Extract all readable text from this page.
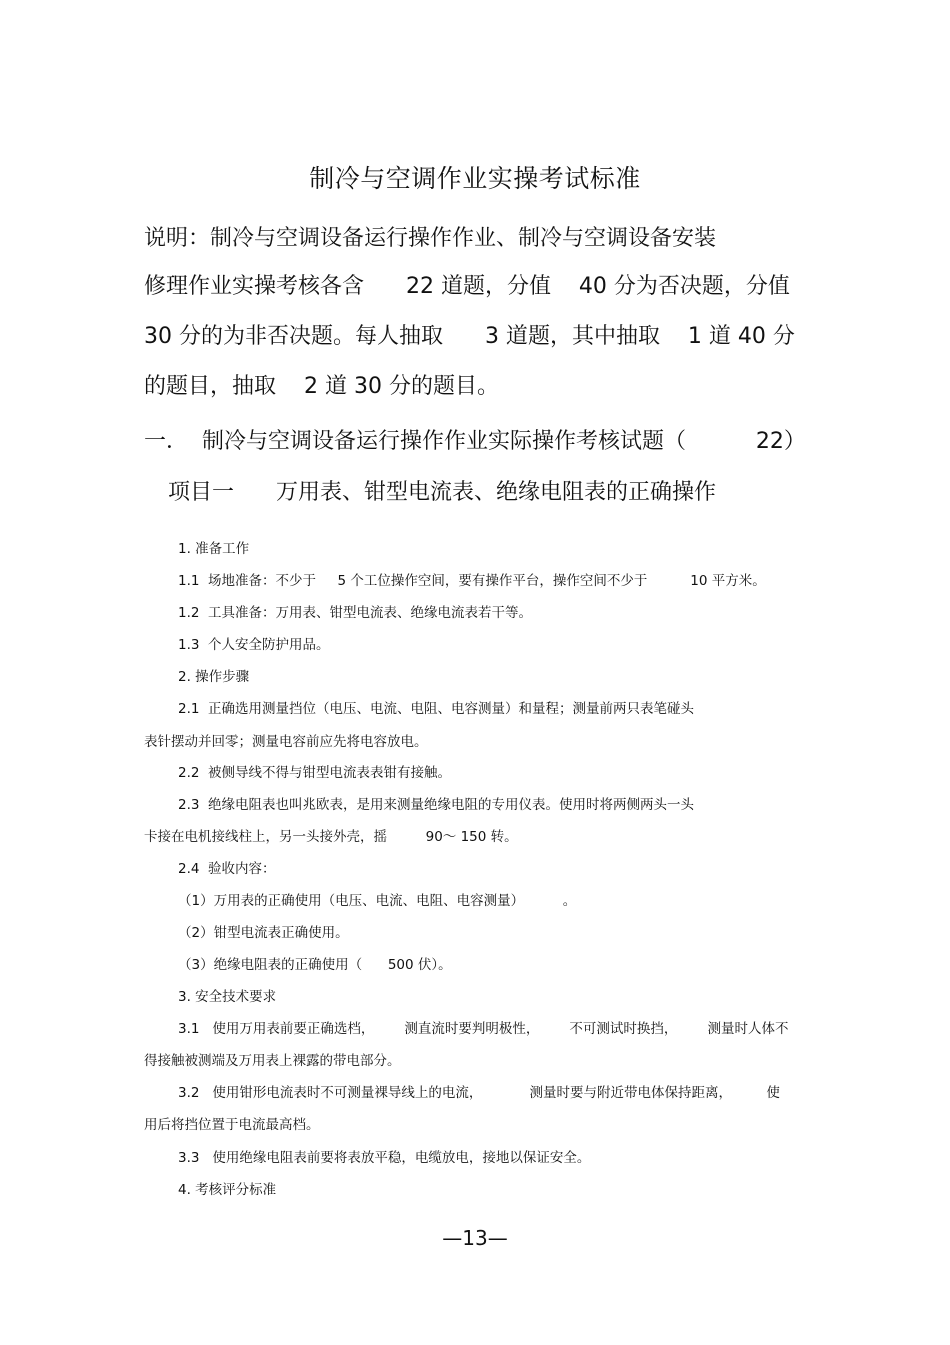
制冷与空调作业实操考试标准
说明：制冷与空调设备运行操作作业、制冷与空调设备安装
修理作业实操考核各含      22 道题，分值    40 分为否决题，分值
30 分的为非否决题。每人抽取      3 道题，其中抽取    1 道 40 分
的题目，抽取    2 道 30 分的题目。
一．  制冷与空调设备运行操作作业实际操作考核试题（          22）
项目一      万用表、钳型电流表、绝缘电阻表的正确操作
1. 准备工作
1.1  场地准备：不少于     5 个工位操作空间，要有操作平台，操作空间不少于          10 平方米。
1.2  工具准备：万用表、钳型电流表、绝缘电流表若干等。
1.3  个人安全防护用品。
2. 操作步骤
2.1  正确选用测量挡位（电压、电流、电阻、电容测量）和量程；测量前两只表笔碰头
表针摆动并回零；测量电容前应先将电容放电。
2.2  被侧导线不得与钳型电流表表钳有接触。
2.3  绝缘电阻表也叫兆欧表，是用来测量绝缘电阻的专用仪表。使用时将两侧两头一头
卡接在电机接线柱上，另一头接外壳，摇         90～ 150 转。
2.4  验收内容：
（1）万用表的正确使用（电压、电流、电阻、电容测量）         。
（2）钳型电流表正确使用。
（3）绝缘电阻表的正确使用（      500 伏）。
3. 安全技术要求
3.1   使用万用表前要正确选档，       测直流时要判明极性，       不可测试时换挡，       测量时人体不
得接触被测端及万用表上裸露的带电部分。
3.2   使用钳形电流表时不可测量裸导线上的电流，           测量时要与附近带电体保持距离，        使
用后将挡位置于电流最高档。
3.3   使用绝缘电阻表前要将表放平稳，电缆放电，接地以保证安全。
4. 考核评分标准
—13—
